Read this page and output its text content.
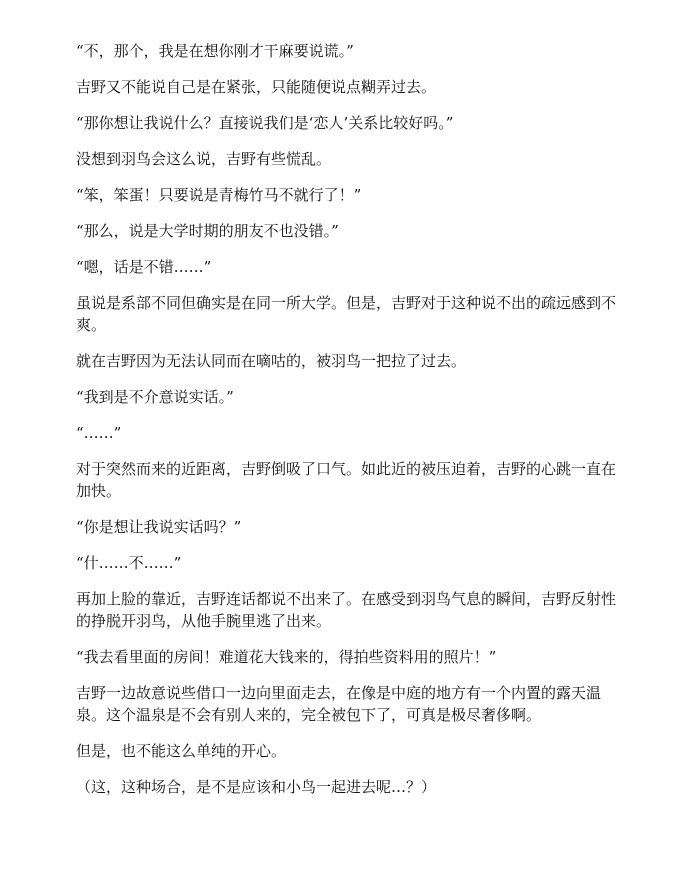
“不，那个，我是在想你刚才干麻要说谎。”

吉野又不能说自己是在紧张，只能随便说点糊弄过去。

“那你想让我说什么？直接说我们是‘恋人’关系比较好吗。”

没想到羽鸟会这么说，吉野有些慌乱。

“笨，笨蛋！只要说是青梅竹马不就行了！”

“那么，说是大学时期的朋友不也没错。”

“嗯，话是不错……”

虽说是系部不同但确实是在同一所大学。但是，吉野对于这种说不出的疏远感到不爽。

就在吉野因为无法认同而在嘀咕的，被羽鸟一把拉了过去。

“我到是不介意说实话。”

“……”

对于突然而来的近距离，吉野倒吸了口气。如此近的被压迫着，吉野的心跳一直在加快。

“你是想让我说实话吗？”

“什……不……”

再加上脸的靠近，吉野连话都说不出来了。在感受到羽鸟气息的瞬间，吉野反射性的挣脱开羽鸟，从他手腕里逃了出来。

“我去看里面的房间！难道花大钱来的，得拍些资料用的照片！”

吉野一边故意说些借口一边向里面走去，在像是中庭的地方有一个内置的露天温泉。这个温泉是不会有别人来的，完全被包下了，可真是极尽奢侈啊。

但是，也不能这么单纯的开心。

（这，这种场合，是不是应该和小鸟一起进去呢…？）
